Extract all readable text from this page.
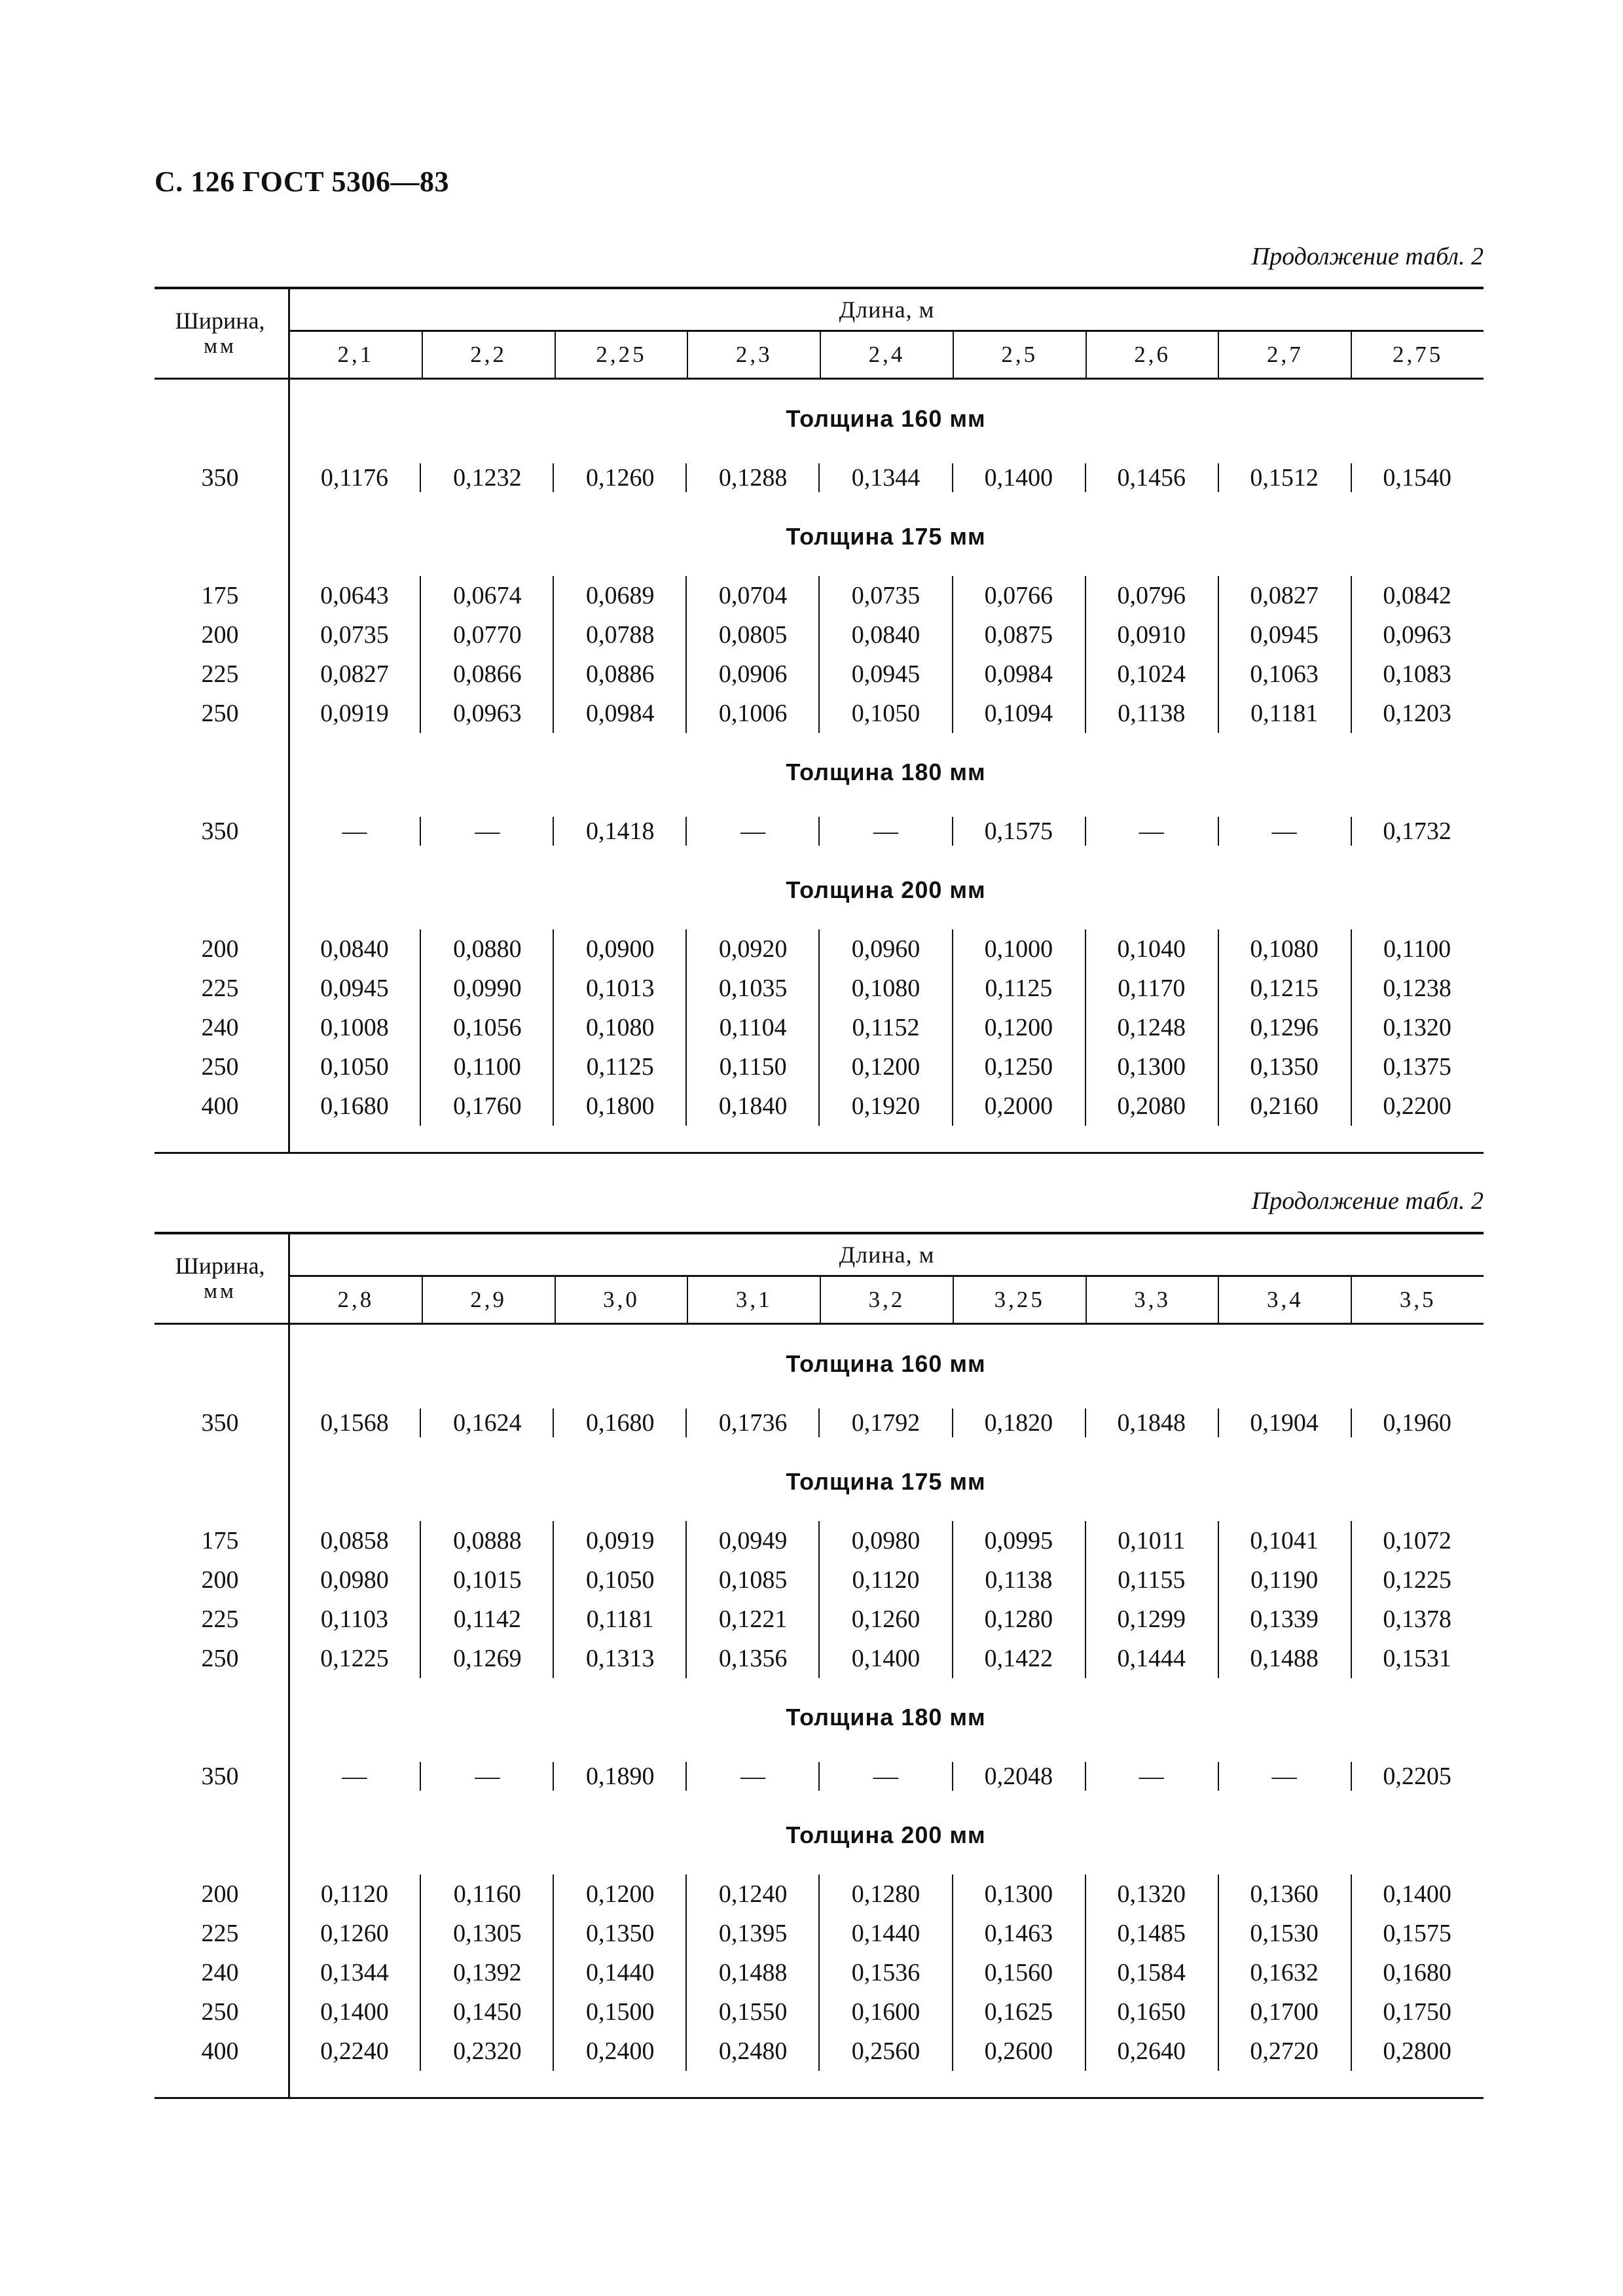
С. 126 ГОСТ 5306—83
Продолжение табл. 2
Ширина,
мм
Длина, м
2,1	2,2	2,25	2,3	2,4	2,5	2,6	2,7	2,75
Толщина 160 мм
350	0,1176	0,1232	0,1260	0,1288	0,1344	0,1400	0,1456	0,1512	0,1540
Толщина 175 мм
175	0,0643	0,0674	0,0689	0,0704	0,0735	0,0766	0,0796	0,0827	0,0842
200	0,0735	0,0770	0,0788	0,0805	0,0840	0,0875	0,0910	0,0945	0,0963
225	0,0827	0,0866	0,0886	0,0906	0,0945	0,0984	0,1024	0,1063	0,1083
250	0,0919	0,0963	0,0984	0,1006	0,1050	0,1094	0,1138	0,1181	0,1203
Толщина 180 мм
350	—	—	0,1418	—	—	0,1575	—	—	0,1732
Толщина 200 мм
200	0,0840	0,0880	0,0900	0,0920	0,0960	0,1000	0,1040	0,1080	0,1100
225	0,0945	0,0990	0,1013	0,1035	0,1080	0,1125	0,1170	0,1215	0,1238
240	0,1008	0,1056	0,1080	0,1104	0,1152	0,1200	0,1248	0,1296	0,1320
250	0,1050	0,1100	0,1125	0,1150	0,1200	0,1250	0,1300	0,1350	0,1375
400	0,1680	0,1760	0,1800	0,1840	0,1920	0,2000	0,2080	0,2160	0,2200
Продолжение табл. 2
Ширина,
мм
Длина, м
2,8	2,9	3,0	3,1	3,2	3,25	3,3	3,4	3,5
Толщина 160 мм
350	0,1568	0,1624	0,1680	0,1736	0,1792	0,1820	0,1848	0,1904	0,1960
Толщина 175 мм
175	0,0858	0,0888	0,0919	0,0949	0,0980	0,0995	0,1011	0,1041	0,1072
200	0,0980	0,1015	0,1050	0,1085	0,1120	0,1138	0,1155	0,1190	0,1225
225	0,1103	0,1142	0,1181	0,1221	0,1260	0,1280	0,1299	0,1339	0,1378
250	0,1225	0,1269	0,1313	0,1356	0,1400	0,1422	0,1444	0,1488	0,1531
Толщина 180 мм
350	—	—	0,1890	—	—	0,2048	—	—	0,2205
Толщина 200 мм
200	0,1120	0,1160	0,1200	0,1240	0,1280	0,1300	0,1320	0,1360	0,1400
225	0,1260	0,1305	0,1350	0,1395	0,1440	0,1463	0,1485	0,1530	0,1575
240	0,1344	0,1392	0,1440	0,1488	0,1536	0,1560	0,1584	0,1632	0,1680
250	0,1400	0,1450	0,1500	0,1550	0,1600	0,1625	0,1650	0,1700	0,1750
400	0,2240	0,2320	0,2400	0,2480	0,2560	0,2600	0,2640	0,2720	0,2800
